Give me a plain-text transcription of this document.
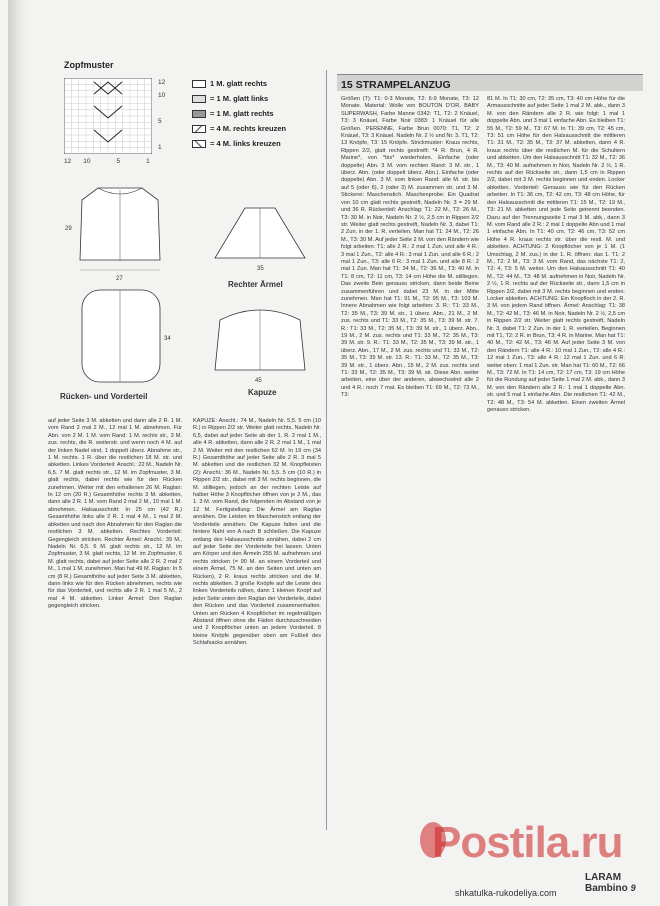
Zopfmuster
12
10
5
1
12 10	5	1
1 M. glatt rechts
= 1 M. glatt links
= 1 M. glatt rechts
= 4 M. rechts kreuzen
= 4 M. links kreuzen
27
29
34
Rücken- und Vorderteil
35
Rechter Ärmel
45
Kapuze

auf jeder Seite 3 M. abketten und dann alle 2 R. 1 M. vom Rand 2 mal 2 M., 12 mal 1 M. abnehmen. Für Abn. von 2 M. 1 M. vom Rand: 1 M. rechts str., 3 M. zus. rechts, die R. weiterstr. und wenn noch 4 M. auf der linken Nadel sind, 1 doppelt überz. Abnahme str., 1 M. rechts. 1 R. über die restlichen 18 M. str. und abketten. Linkes Vorderteil: Anschl.: 22 M., Nadeln Nr. 6,5. 7 M. glatt rechts str., 12 M. im Zopfmuster, 3 M. glatt rechts, dabei rechts wie für den Rücken zunehmen. Weiter mit den erhaltenen 26 M. Raglan: In 12 cm (20 R.) Gesamthöhe rechts 3 M. abketten, dann alle 2 R. 1 M. vom Rand 2 mal 2 M., 10 mal 1 M. abnehmen. Halsausschnitt: In 25 cm (42 R.) Gesamthöhe links alle 2 R. 1 mal 4 M., 1 mal 2 M. abketten und nach den Abnahmen für den Raglan die restlichen 3 M. abketten. Rechtes Vorderteil: Gegengleich stricken. Rechter Ärmel: Anschl.: 39 M., Nadeln Nr. 6,5. 6 M. glatt rechts str., 12 M. im Zopfmuster, 3 M. glatt rechts, 12 M. im Zopfmuster, 6 M. glatt rechts, dabei auf jeder Seite alle 2 R. 2 mal 2 M., 1 mal 1 M. zunehmen. Man hat 49 M. Raglan: In 5 cm (8 R.) Gesamthöhe auf jeder Seite 3 M. abketten, dann links wie für den Rücken abnehmen, rechts wie für das Vorderteil, und rechts alle 2 R. 1 mal 5 M., 2 mal 4 M. abketten. Linker Ärmel: Den Raglan gegengleich stricken.

KAPUZE: Anschl.: 74 M., Nadeln Nr. 5,5. 5 cm (10 R.) in Rippen 2/2 str. Weiter glatt rechts, Nadeln Nr. 6,5, dabei auf jeder Seite ab der 1. R. 2 mal 1 M., alle 4 R. abketten, dann alle 2 R. 2 mal 1 M., 1 mal 2 M. Weiter mit den restlichen 62 M. In 19 cm (34 R.) Gesamthöhe auf jeder Seite alle 2 R. 3 mal 5 M. abketten und die restlichen 32 M. Knopfleisten (2): Anschl.: 36 M., Nadeln Nr. 5,5. 5 cm (10 R.) in Rippen 2/2 str., dabei mit 3 M. rechts beginnen, die M. stilliegen, jedoch an der rechten Leiste auf halber Höhe 3 Knopflöcher öffnen von je 2 M., das 1. 3 M. vom Rand, die folgenden im Abstand von je 12 M. Fertigstellung: Die Ärmel am Raglan annähen. Die Leisten im Maschenstich entlang der Vorderteile annähen. Die Kapuze falten und die hintere Naht von A nach B schließen. Die Kapuze entlang des Halsausschnitts annähen, dabei 2 cm auf jeder Seite der Vorderteile frei lassen. Unten am Körper und den Ärmeln 255 M. aufnehmen und rechts stricken (= 90 M. an einem Vorderteil und einem Ärmel, 75 M. an den Seiten und unten am Rücken), 2 R. kraus rechts stricken und die M. rechts abketten. 3 große Knöpfe auf die Leiste des linken Vorderteils nähen, dann 1 kleinen Knopf auf jeder Seite unten den Raglan der Vorderteile, dabei den Rücken und das Vorderteil zusammenhalten. Unten am Rücken 4 Knopflöcher im regelmäßigen Abstand öffnen ohne die Fäden durchzuschneiden und 2 Knopflöcher unten an jedem Vorderteil. 8 kleine Knöpfe gegenüber oben am Fußteil des Schlafsacks annähen.

15 STRAMPELANZUG

Größen (T): T1: 0-3 Monate, T2: 6-9 Monate, T3: 12 Monate. Material: Wolle von BOUTON D'OR, BABY SUPERWASH, Farbe Manne 0342: T1, T2: 2 Knäuel, T3: 3 Knäuel, Farbe Noir 0383: 1 Knäuel für alle Größen. PERENNE, Farbe Brun 0070: T1, T2: 2 Knäuel, T3: 3 Knäuel. Nadeln Nr. 2 ½ und Nr. 3. T1, T2: 13 Knöpfe, T3: 15 Knöpfe. Strickmuster: Kraus rechts, Rippen 2/2, glatt rechts gestreift: *4 R. Brun, 4 R. Marine*, von *bis* wiederholen. Einfache (oder doppelte) Abn. 3 M. vom rechten Rand: 3 M. str., 1 überz. Abn. (oder doppelt überz. Abn.). Einfache (oder doppelte) Abn. 3 M. vom linken Rand: alle M. str. bis auf 5 (oder 6), 2 (oder 3) M. zusammen str. und 3 M. Stickerei: Maschenstich. Maschenprobe: Ein Quadrat von 10 cm glatt rechts gestreift, Nadeln Nr. 3 = 29 M. und 36 R. Rückenteil: Anschlag: T1: 22 M., T2: 26 M., T3: 30 M. in Noir, Nadeln Nr. 2 ½, 2,5 cm in Rippen 2/2 str. Weiter glatt rechts gestreift, Nadeln Nr. 3, dabei T1: 2 Zun. in der 1. R. verteilen. Man hat T1: 24 M., T2: 26 M., T3: 30 M. Auf jeder Seite 2 M. von den Rändern wie folgt arbeiten: T1: alle 2 R.: 2 mal 1 Zun. und alle 4 R.: 3 mal 1 Zun., T2: alle 4 R.: 3 mal 1 Zun. und alle 6 R.: 2 mal 1 Zun., T3: alle 6 R.: 3 mal 1 Zun. und alle 8 R.: 2 mal 1 Zun. Man hat T1: 34 M., T2: 36 M., T3: 40 M. In T1: 8 cm, T2: 11 cm, T3: 14 cm Höhe die M. stilliegen. Das zweite Bein genauso stricken, dann beide Beine zusammenführen und dabei 23 M. in der Mitte zunehmen. Man hat T1: 91 M., T2: 95 M., T3: 103 M. Innere Abnahmen wie folgt arbeiten: 3. R.: T1: 33 M., T2: 35 M., T3: 39 M. str., 1 überz. Abn., 21 M., 2 M. zus. rechts und T1: 33 M., T2: 35 M., T3: 39 M. str. 7. R.: T1: 33 M., T2: 35 M., T3: 39 M. str., 1 überz. Abn., 19 M., 2 M. zus. rechts und T1: 33 M., T2: 35 M., T3: 39 M. str. 9. R.: T1: 33 M., T2: 35 M., T3: 39 M. str., 1 überz. Abn., 17 M., 2 M. zus. rechts und T1: 33 M., T2: 35 M., T3: 39 M. str. 13. R.: T1: 33 M., T2: 35 M., T3: 39 M. str., 1 überz. Abn., 15 M., 2 M. zus. rechts und T1: 33 M., T2: 35 M., T3: 39 M. str. Diese Abn. weiter arbeiten, eine über der anderen, abwechselnd alle 2 und 4 R.: noch 7 mal. Es bleiben T1: 69 M., T2: 73 M., T3:

81 M. In T1: 30 cm, T2: 35 cm, T3: 40 cm Höhe für die Armausschnitte auf jeder Seite 1 mal 2 M. abk., dann 3 M. von den Rändern alle 2 R. wie folgt: 1 mal 1 doppelte Abn. und 3 mal 1 einfache Abn. Es bleiben T1: 55 M., T2: 59 M., T3: 67 M. In T1: 39 cm, T2: 45 cm, T3: 51 cm Höhe für den Halsausschnitt die mittleren T1: 31 M., T2: 35 M., T3: 37 M. abketten, dann 4 R. kraus rechts über die restlichen M. für die Schultern und abketten. Um den Halsausschnitt T1: 32 M., T2: 36 M., T3: 40 M. aufnehmen in Noir, Nadeln Nr. 2 ½, 1 R. rechts auf der Rückseite str., dann 1,5 cm in Rippen 2/2, dabei mit 3 M. rechts beginnen und enden. Locker abketten. Vorderteil: Genauso wie für den Rücken arbeiten. In T1: 36 cm, T2: 42 cm, T3: 48 cm Höhe, für den Halsausschnitt die mittleren T1: 15 M., T2: 19 M., T3: 21 M. abketten und jede Seite getrennt beenden. Dazu auf der Trennungsseite 1 mal 3 M. abk., dann 3 M. vom Rand alle 2 R.: 2 mal 1 doppelte Abn und 1 mal 1 einfache Abn. In T1: 40 cm, T2: 46 cm, T3: 52 cm Höhe 4 R. kraus rechts str. über die restl. M. und abketten. ACHTUNG: 2 Knopflöcher von je 1 M. (1 Umschlag, 2 M. zus.) in der 1. R. öffnen: das 1. T1: 2 M., T2: 2 M., T3: 3 M. vom Rand, das nächste T1: 2, T2: 4, T3: 5 M. weiter. Um den Halsausschnitt T1: 40 M., T2: 44 M., T3: 48 M. aufnehmen in Noir, Nadeln Nr. 2 ½, 1 R. rechts auf der Rückseite str., dann 1,5 cm in Rippen 2/2, dabei mit 3 M. rechts beginnen und enden. Locker abketten. ACHTUNG: Ein Knopfloch in der 2. R. 3 M. von jedem Rand öffnen. Ärmel: Anschlag: T1: 38 M., T2: 42 M., T3: 46 M. in Noir, Nadeln Nr. 2 ½, 2,5 cm in Rippen 2/2 str. Weiter glatt rechts gestreift, Nadeln Nr. 3, dabei T1: 2 Zun. in der 1. R. verteilen. Beginnen mit T1, T2: 2 R. in Brun, T3: 4 R. in Marine. Man hat T1: 40 M., T2: 42 M., T3: 46 M. Auf jeder Seite 3 M. von den Rändern T1: alle 4 R.: 10 mal 1 Zun., T2: alle 4 R.: 12 mal 1 Zun., T3: alle 4 R.: 12 mal 1 Zun. und 6 R. weiter oben: 1 mal 1 Zun. str. Man hat T1: 60 M., T2: 66 M., T3: 72 M. In T1: 14 cm, T2: 17 cm, T3: 19 cm Höhe für die Rundung auf jeder Seite 1 mal 2 M. abk., dann 3 M. von den Rändern alle 2 R.: 1 mal 1 doppelte Abn. str. und 5 mal 1 einfache Abn. Die restlichen T1: 42 M., T2: 48 M., T3: 54 M. abketten. Einen zweiten Ärmel genauso stricken.

Postila.ru
LARAM
Bambino 9
shkatulka-rukodeliya.com
